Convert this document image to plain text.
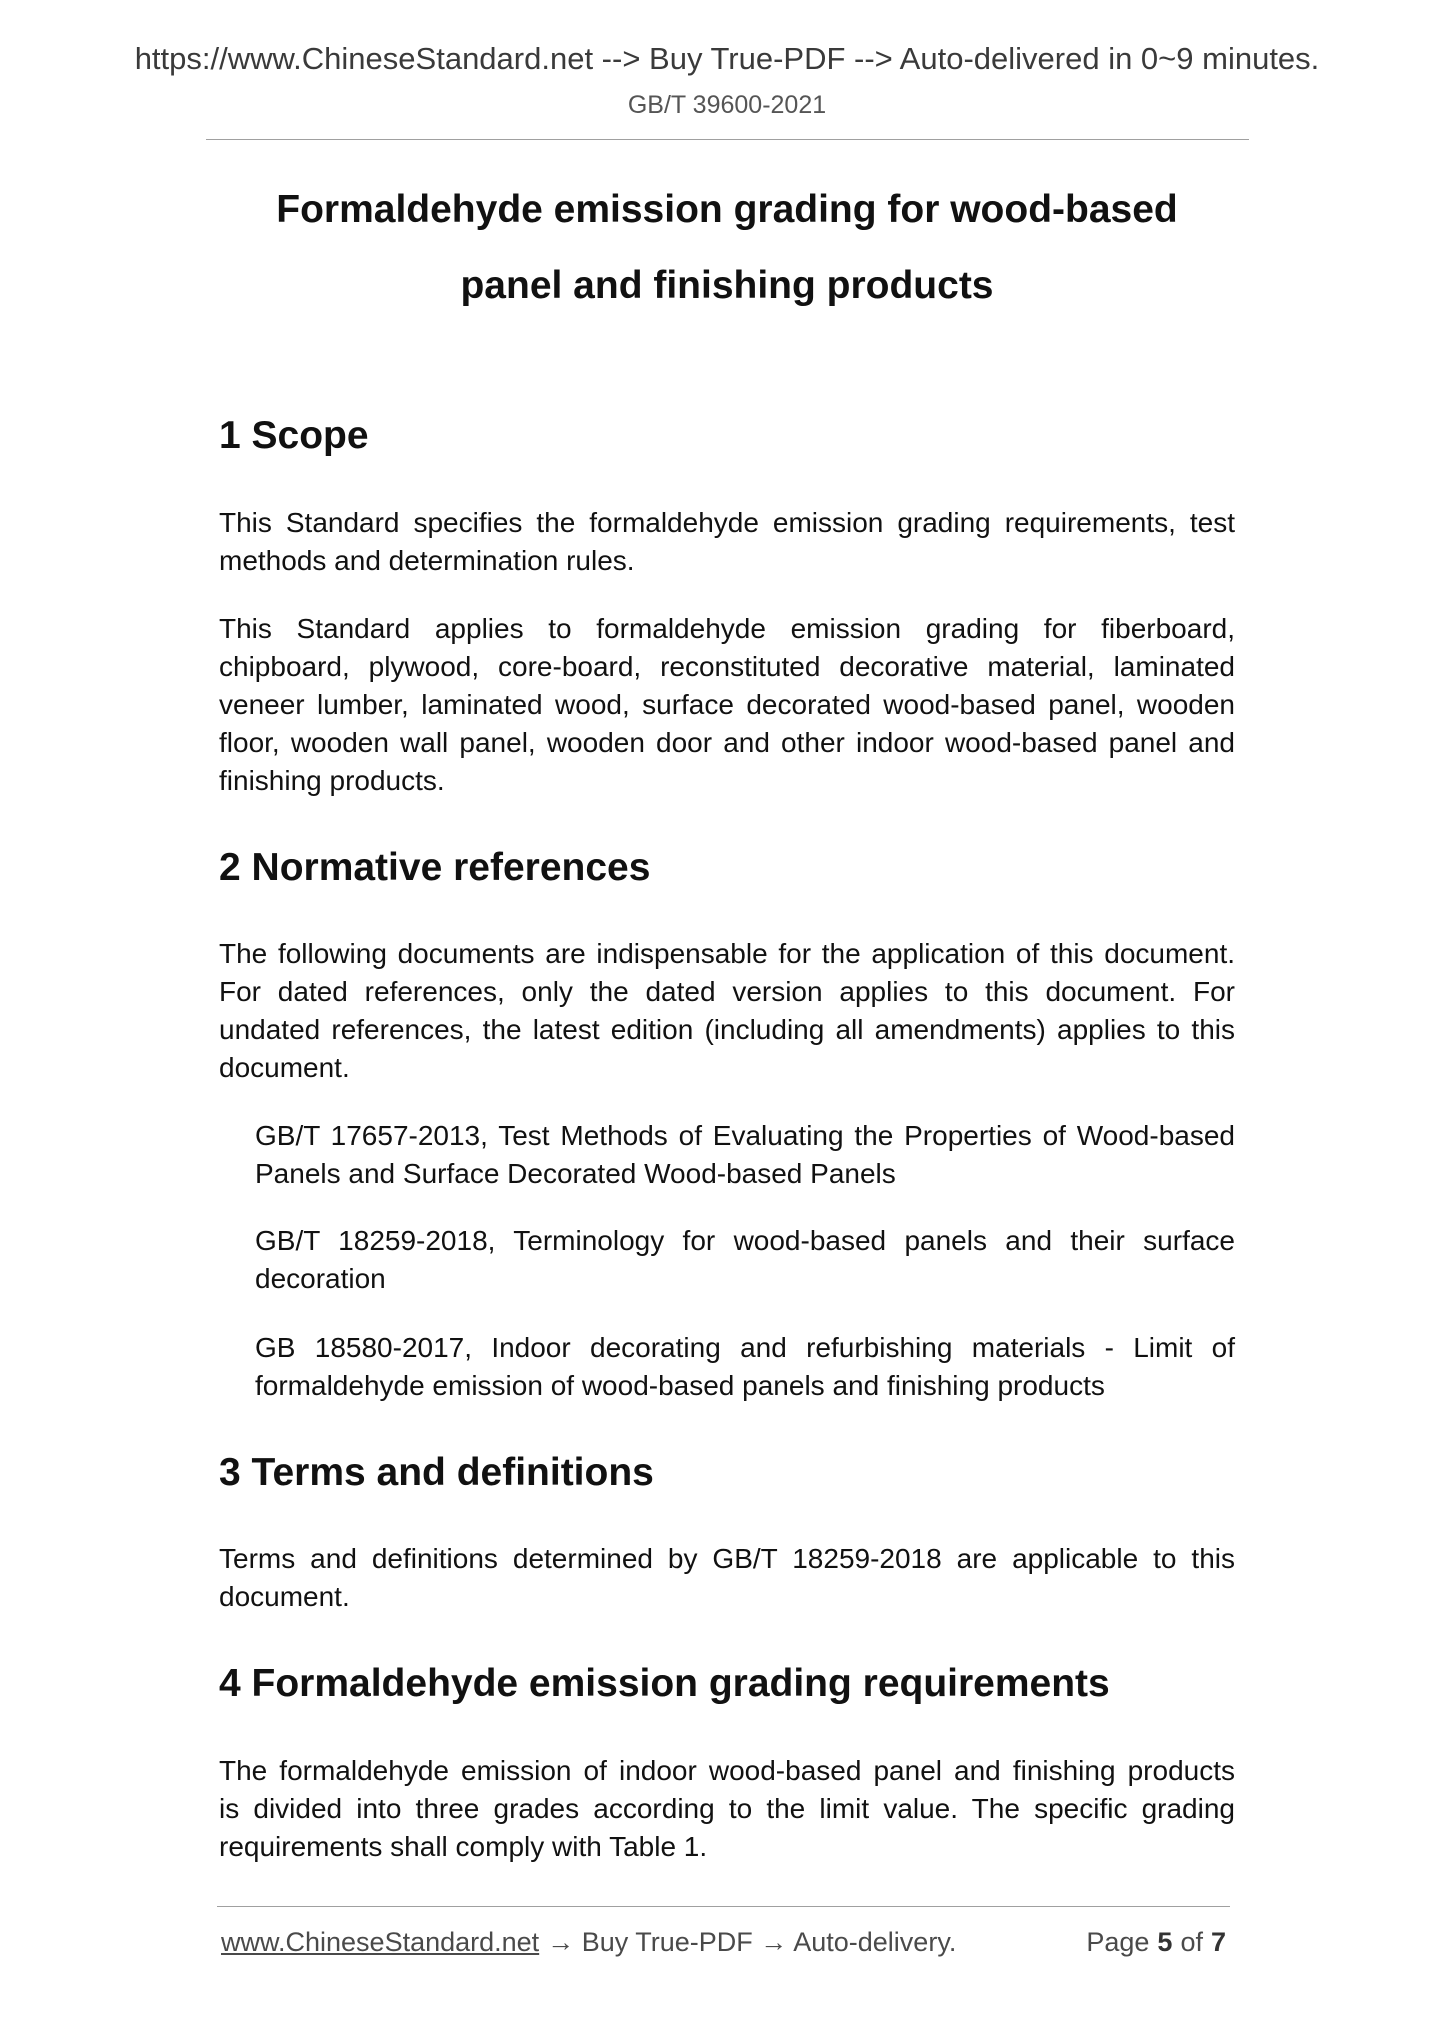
https://www.ChineseStandard.net --> Buy True-PDF --> Auto-delivered in 0~9 minutes.
GB/T 39600-2021
Formaldehyde emission grading for wood-based
panel and finishing products
1 Scope
This Standard specifies the formaldehyde emission grading requirements, test
methods and determination rules.
This Standard applies to formaldehyde emission grading for fiberboard,
chipboard, plywood, core-board, reconstituted decorative material, laminated
veneer lumber, laminated wood, surface decorated wood-based panel, wooden
floor, wooden wall panel, wooden door and other indoor wood-based panel and
finishing products.
2 Normative references
The following documents are indispensable for the application of this document.
For dated references, only the dated version applies to this document. For
undated references, the latest edition (including all amendments) applies to this
document.
GB/T 17657-2013, Test Methods of Evaluating the Properties of Wood-based
Panels and Surface Decorated Wood-based Panels
GB/T 18259-2018, Terminology for wood-based panels and their surface
decoration
GB 18580-2017, Indoor decorating and refurbishing materials - Limit of
formaldehyde emission of wood-based panels and finishing products
3 Terms and definitions
Terms and definitions determined by GB/T 18259-2018 are applicable to this
document.
4 Formaldehyde emission grading requirements
The formaldehyde emission of indoor wood-based panel and finishing products
is divided into three grades according to the limit value. The specific grading
requirements shall comply with Table 1.
www.ChineseStandard.net → Buy True-PDF → Auto-delivery.	Page 5 of 7
